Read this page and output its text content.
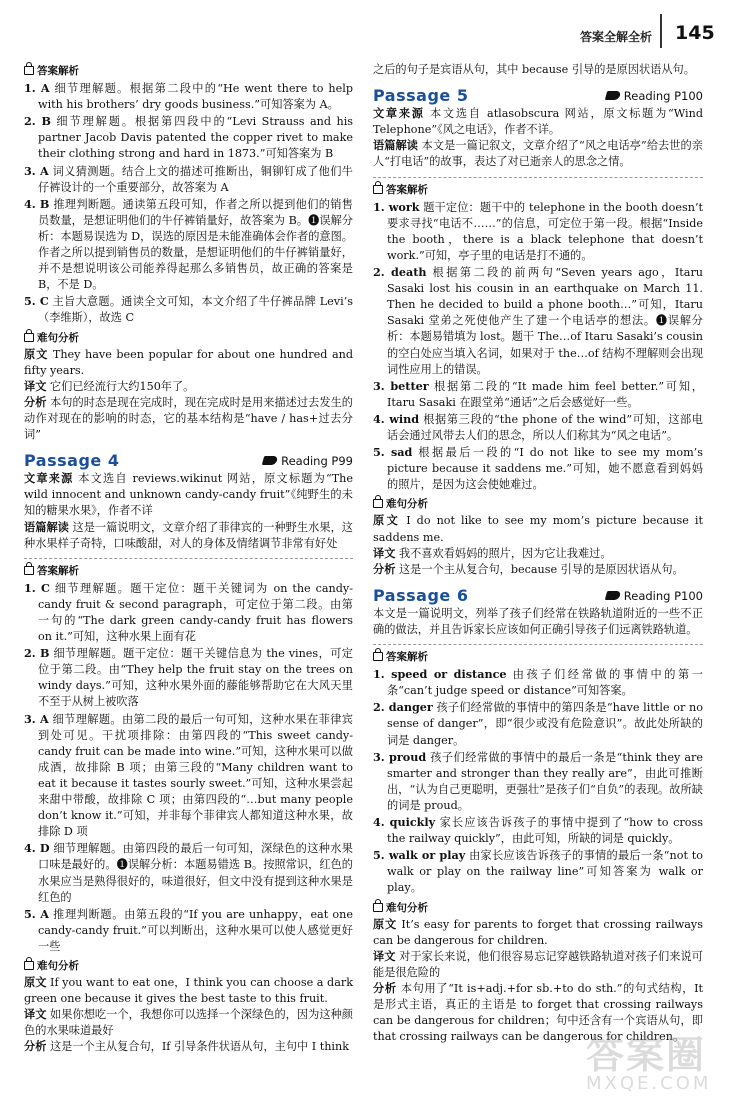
答案全解全析 145
答案解析
1. A 细节理解题。根据第二段中的“He went there to help with his brothers’ dry goods business.”可知答案为 A。
2. B 细节理解题。根据第四段中的“Levi Strauss and his partner Jacob Davis patented the copper rivet to make their clothing strong and hard in 1873.”可知答案为 B
3. A 词义猜测题。结合上文的描述可推断出，铜铆钉成了他们牛仔裤设计的一个重要部分，故答案为 A
4. B 推理判断题。通读第五段可知，作者之所以提到他们的销售员数量，是想证明他们的牛仔裤销量好，故答案为 B。❶误解分析：本题易误选为 D，误选的原因是未能准确体会作者的意图。作者之所以提到销售员的数量，是想证明他们的牛仔裤销量好，并不是想说明该公司能养得起那么多销售员，故正确的答案是 B，不是 D。
5. C 主旨大意题。通读全文可知，本文介绍了牛仔裤品牌 Levi’s（李维斯），故选 C
难句分析
原文 They have been popular for about one hundred and fifty years.
译文 它们已经流行大约150年了。
分析 本句的时态是现在完成时，现在完成时是用来描述过去发生的动作对现在的影响的时态，它的基本结构是“have / has+过去分词”
Passage 4	Reading P99
文章来源 本文选自 reviews.wikinut 网站，原文标题为“The wild innocent and unknown candy-candy fruit”《纯野生的未知的糖果水果》，作者不详
语篇解读 这是一篇说明文，文章介绍了菲律宾的一种野生水果，这种水果样子奇特，口味酸甜，对人的身体及情绪调节非常有好处
答案解析
1. C 细节理解题。题干定位：题干关键词为 on the candy-candy fruit & second paragraph，可定位于第二段。由第一句的“The dark green candy-candy fruit has flowers on it.”可知，这种水果上面有花
2. B 细节理解题。题干定位：题干关键信息为 the vines，可定位于第二段。由“They help the fruit stay on the trees on windy days.”可知，这种水果外面的藤能够帮助它在大风天里不至于从树上被吹落
3. A 细节理解题。由第二段的最后一句可知，这种水果在菲律宾到处可见。干扰项排除：由第四段的“This sweet candy-candy fruit can be made into wine.”可知，这种水果可以做成酒，故排除 B 项；由第三段的“Many children want to eat it because it tastes sourly sweet.”可知，这种水果尝起来甜中带酸，故排除 C 项；由第四段的“…but many people don’t know it.”可知，并非每个菲律宾人都知道这种水果，故排除 D 项
4. D 细节理解题。由第四段的最后一句可知，深绿色的这种水果口味是最好的。❶误解分析：本题易错选 B。按照常识，红色的水果应当是熟得很好的，味道很好，但文中没有提到这种水果是红色的
5. A 推理判断题。由第五段的“If you are unhappy，eat one candy-candy fruit.”可以判断出，这种水果可以使人感觉更好一些
难句分析
原文 If you want to eat one，I think you can choose a dark green one because it gives the best taste to this fruit.
译文 如果你想吃一个，我想你可以选择一个深绿色的，因为这种颜色的水果味道最好
分析 这是一个主从复合句，If 引导条件状语从句，主句中 I think
之后的句子是宾语从句，其中 because 引导的是原因状语从句。
Passage 5	Reading P100
文章来源 本文选自 atlasobscura 网站，原文标题为“Wind Telephone”《风之电话》，作者不详。
语篇解读 本文是一篇记叙文，文章介绍了“风之电话亭”给去世的亲人“打电话”的故事，表达了对已逝亲人的思念之情。
答案解析
1. work 题干定位：题干中的 telephone in the booth doesn’t 要求寻找“电话不……”的信息，可定位于第一段。根据“Inside the booth，there is a black telephone that doesn’t work.”可知，亭子里的电话是打不通的。
2. death 根据第二段的前两句“Seven years ago，Itaru Sasaki lost his cousin in an earthquake on March 11. Then he decided to build a phone booth…”可知，Itaru Sasaki 堂弟之死使他产生了建一个电话亭的想法。❶误解分析：本题易错填为 lost。题干 The…of Itaru Sasaki’s cousin 的空白处应当填入名词，如果对于 the…of 结构不理解则会出现词性应用上的错误。
3. better 根据第二段的“It made him feel better.”可知，Itaru Sasaki 在跟堂弟“通话”之后会感觉好一些。
4. wind 根据第三段的“the phone of the wind”可知，这部电话会通过风带去人们的思念，所以人们称其为“风之电话”。
5. sad 根据最后一段的“I do not like to see my mom’s picture because it saddens me.”可知，她不愿意看到妈妈的照片，是因为这会使她难过。
难句分析
原文 I do not like to see my mom’s picture because it saddens me.
译文 我不喜欢看妈妈的照片，因为它让我难过。
分析 这是一个主从复合句，because 引导的是原因状语从句。
Passage 6	Reading P100
本文是一篇说明文，列举了孩子们经常在铁路轨道附近的一些不正确的做法，并且告诉家长应该如何正确引导孩子们远离铁路轨道。
答案解析
1. speed or distance 由孩子们经常做的事情中的第一条“can’t judge speed or distance”可知答案。
2. danger 孩子们经常做的事情中的第四条是“have little or no sense of danger”，即“很少或没有危险意识”。故此处所缺的词是 danger。
3. proud 孩子们经常做的事情中的最后一条是“think they are smarter and stronger than they really are”，由此可推断出，“认为自己更聪明，更强壮”是孩子们“自负”的表现。故所缺的词是 proud。
4. quickly 家长应该告诉孩子的事情中提到了“how to cross the railway quickly”，由此可知，所缺的词是 quickly。
5. walk or play 由家长应该告诉孩子的事情的最后一条“not to walk or play on the railway line”可知答案为 walk or play。
难句分析
原文 It’s easy for parents to forget that crossing railways can be dangerous for children.
译文 对于家长来说，他们很容易忘记穿越铁路轨道对孩子们来说可能是很危险的
分析 本句用了“It is+adj.+for sb.+to do sth.”的句式结构，It 是形式主语，真正的主语是 to forget that crossing railways can be dangerous for children；句中还含有一个宾语从句，即 that crossing railways can be dangerous for children。
答案圈
MXQE.COM
